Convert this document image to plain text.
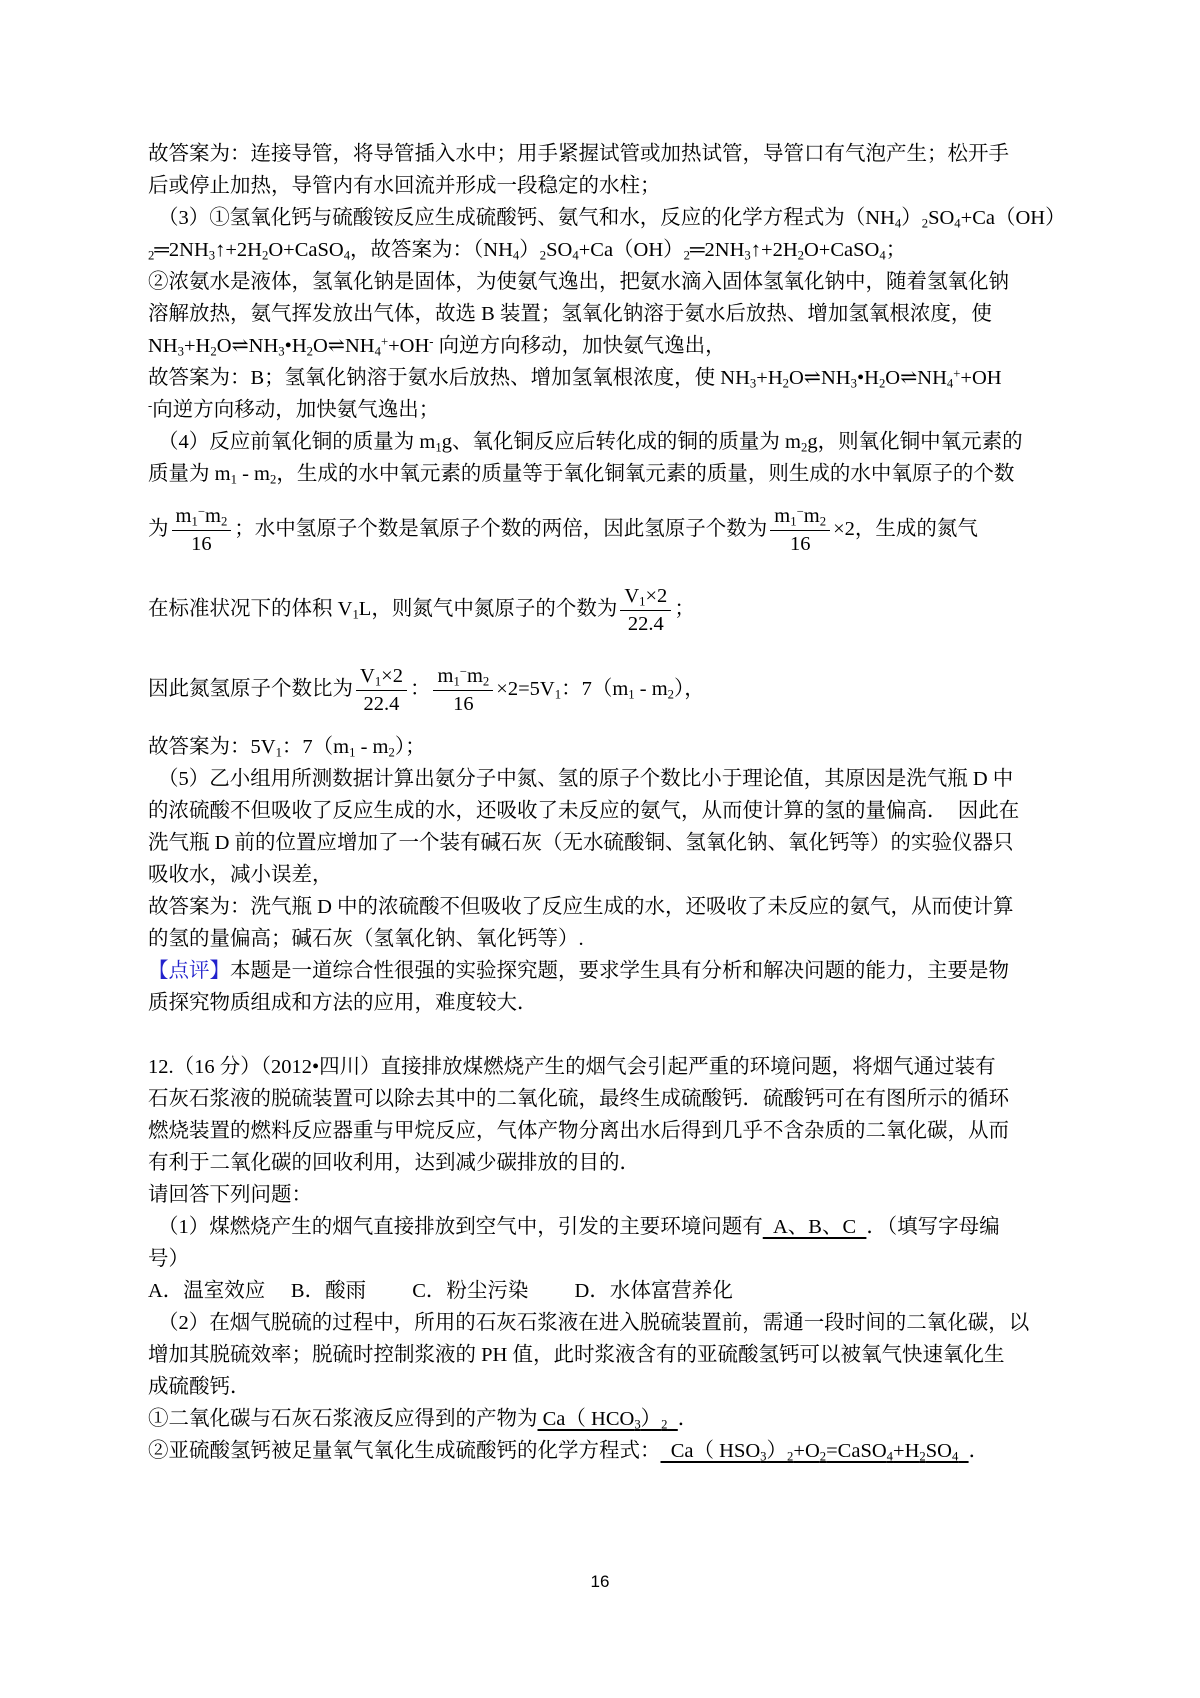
故答案为：连接导管，将导管插入水中；用手紧握试管或加热试管，导管口有气泡产生；松开手
后或停止加热，导管内有水回流并形成一段稳定的水柱；
（3）①氢氧化钙与硫酸铵反应生成硫酸钙、氨气和水，反应的化学方程式为$(NH_4)_2SO_4+Ca(OH)$
$_2═2NH_3↑+2H_2O+CaSO_4$，故答案为：$(NH_4)_2SO_4+Ca(OH)_2═2NH_3↑+2H_2O+CaSO_4$；
②浓氨水是液体，氢氧化钠是固体，为使氨气逸出，把氨水滴入固体氢氧化钠中，随着氢氧化钠
溶解放热，氨气挥发放出气体，故选 B 装置；氢氧化钠溶于氨水后放热、增加氢氧根浓度，使
$NH_3+H_2O\rightleftharpoons NH_3•H_2O\rightleftharpoons NH_4^++OH^-$ 向逆方向移动，加快氨气逸出，
故答案为：B；氢氧化钠溶于氨水后放热、增加氢氧根浓度，使 $NH_3+H_2O\rightleftharpoons NH_3•H_2O\rightleftharpoons NH_4^++OH$
-向逆方向移动，加快氨气逸出；
（4）反应前氧化铜的质量为 $m_1g$、氧化铜反应后转化成的铜的质量为 $m_2g$，则氧化铜中氧元素的
质量为 $m_1 - m_2$，生成的水中氧元素的质量等于氧化铜氧元素的质量，则生成的水中氧原子的个数
为 $\frac{m_1^-m_2}{16}$ ；水中氢原子个数是氧原子个数的两倍，因此氢原子个数为 $\frac{m_1^-m_2}{16} \times 2$，生成的氮气
在标准状况下的体积 $V_1L$，则氮气中氮原子的个数为 $\frac{V_1\times 2}{22.4}$ ；
因此氮氢原子个数比为 $\frac{V_1\times 2}{22.4}$ ： $\frac{m_1^-m_2}{16} \times 2=5V_1$：$7(m_1 - m_2)$，
故答案为：$5V_1$：$7(m_1 - m_2)$；
（5）乙小组用所测数据计算出氨分子中氮、氢的原子个数比小于理论值，其原因是洗气瓶 D 中
的浓硫酸不但吸收了反应生成的水，还吸收了未反应的氨气，从而使计算的氢的量偏高．  因此在
洗气瓶 D 前的位置应增加了一个装有碱石灰（无水硫酸铜、氢氧化钠、氧化钙等）的实验仪器只
吸收水，减小误差，
故答案为：洗气瓶 D 中的浓硫酸不但吸收了反应生成的水，还吸收了未反应的氨气，从而使计算
的氢的量偏高；碱石灰（氢氧化钠、氧化钙等）.
【点评】本题是一道综合性很强的实验探究题，要求学生具有分析和解决问题的能力，主要是物
质探究物质组成和方法的应用，难度较大．
12.（16 分）（2012•四川）直接排放煤燃烧产生的烟气会引起严重的环境问题，将烟气通过装有
石灰石浆液的脱硫装置可以除去其中的二氧化硫，最终生成硫酸钙．硫酸钙可在有图所示的循环
燃烧装置的燃料反应器重与甲烷反应，气体产物分离出水后得到几乎不含杂质的二氧化碳，从而
有利于二氧化碳的回收利用，达到减少碳排放的目的．
请回答下列问题：
（1）煤燃烧产生的烟气直接排放到空气中，引发的主要环境问题有  A、B、C  ．（填写字母编
号）
A．温室效应　 B．酸雨　　 C．粉尘污染　　 D．水体富营养化
（2）在烟气脱硫的过程中，所用的石灰石浆液在进入脱硫装置前，需通一段时间的二氧化碳，以
增加其脱硫效率；脱硫时控制浆液的 PH 值，此时浆液含有的亚硫酸氢钙可以被氧气快速氧化生
成硫酸钙．
①二氧化碳与石灰石浆液反应得到的产物为 Ca（ $HCO_3)_2$ ．
②亚硫酸氢钙被足量氧气氧化生成硫酸钙的化学方程式：  Ca（ $HSO_3)_2+O_2=CaSO_4+H_2SO_4$ ．
16
